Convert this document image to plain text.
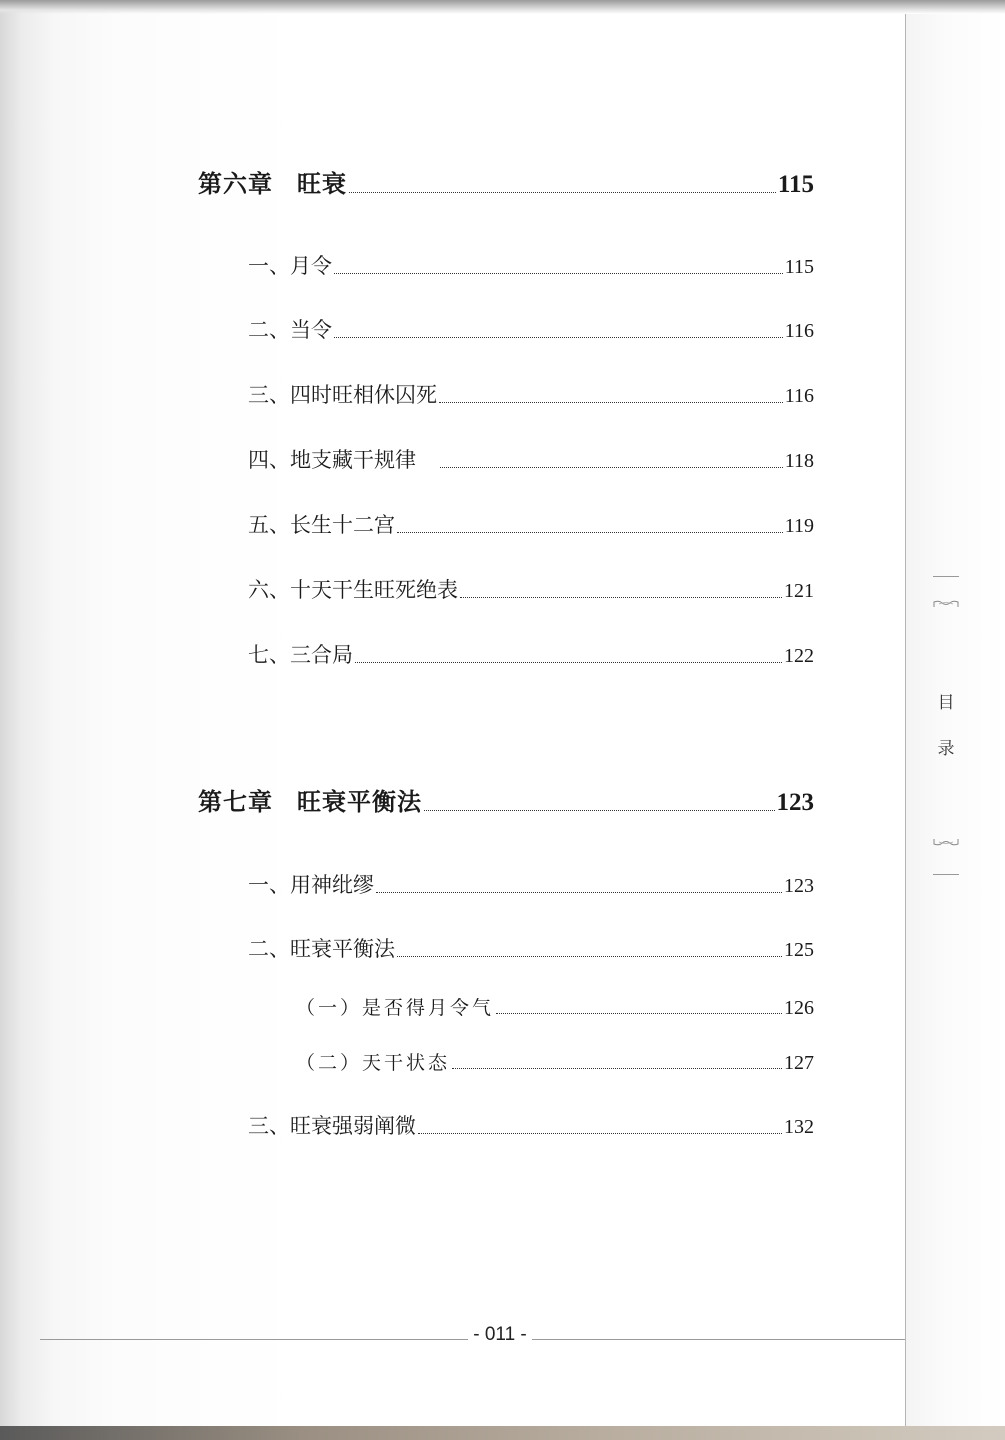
第六章 旺衰	115
一、月令	115
二、当令	116
三、四时旺相休囚死	116
四、地支藏干规律	118
五、长生十二宫	119
六、十天干生旺死绝表	121
七、三合局	122
第七章 旺衰平衡法	123
一、用神纰缪	123
二、旺衰平衡法	125
（一）是否得月令气	126
（二）天干状态	127
三、旺衰强弱阐微	132
目
录
- 011 -
